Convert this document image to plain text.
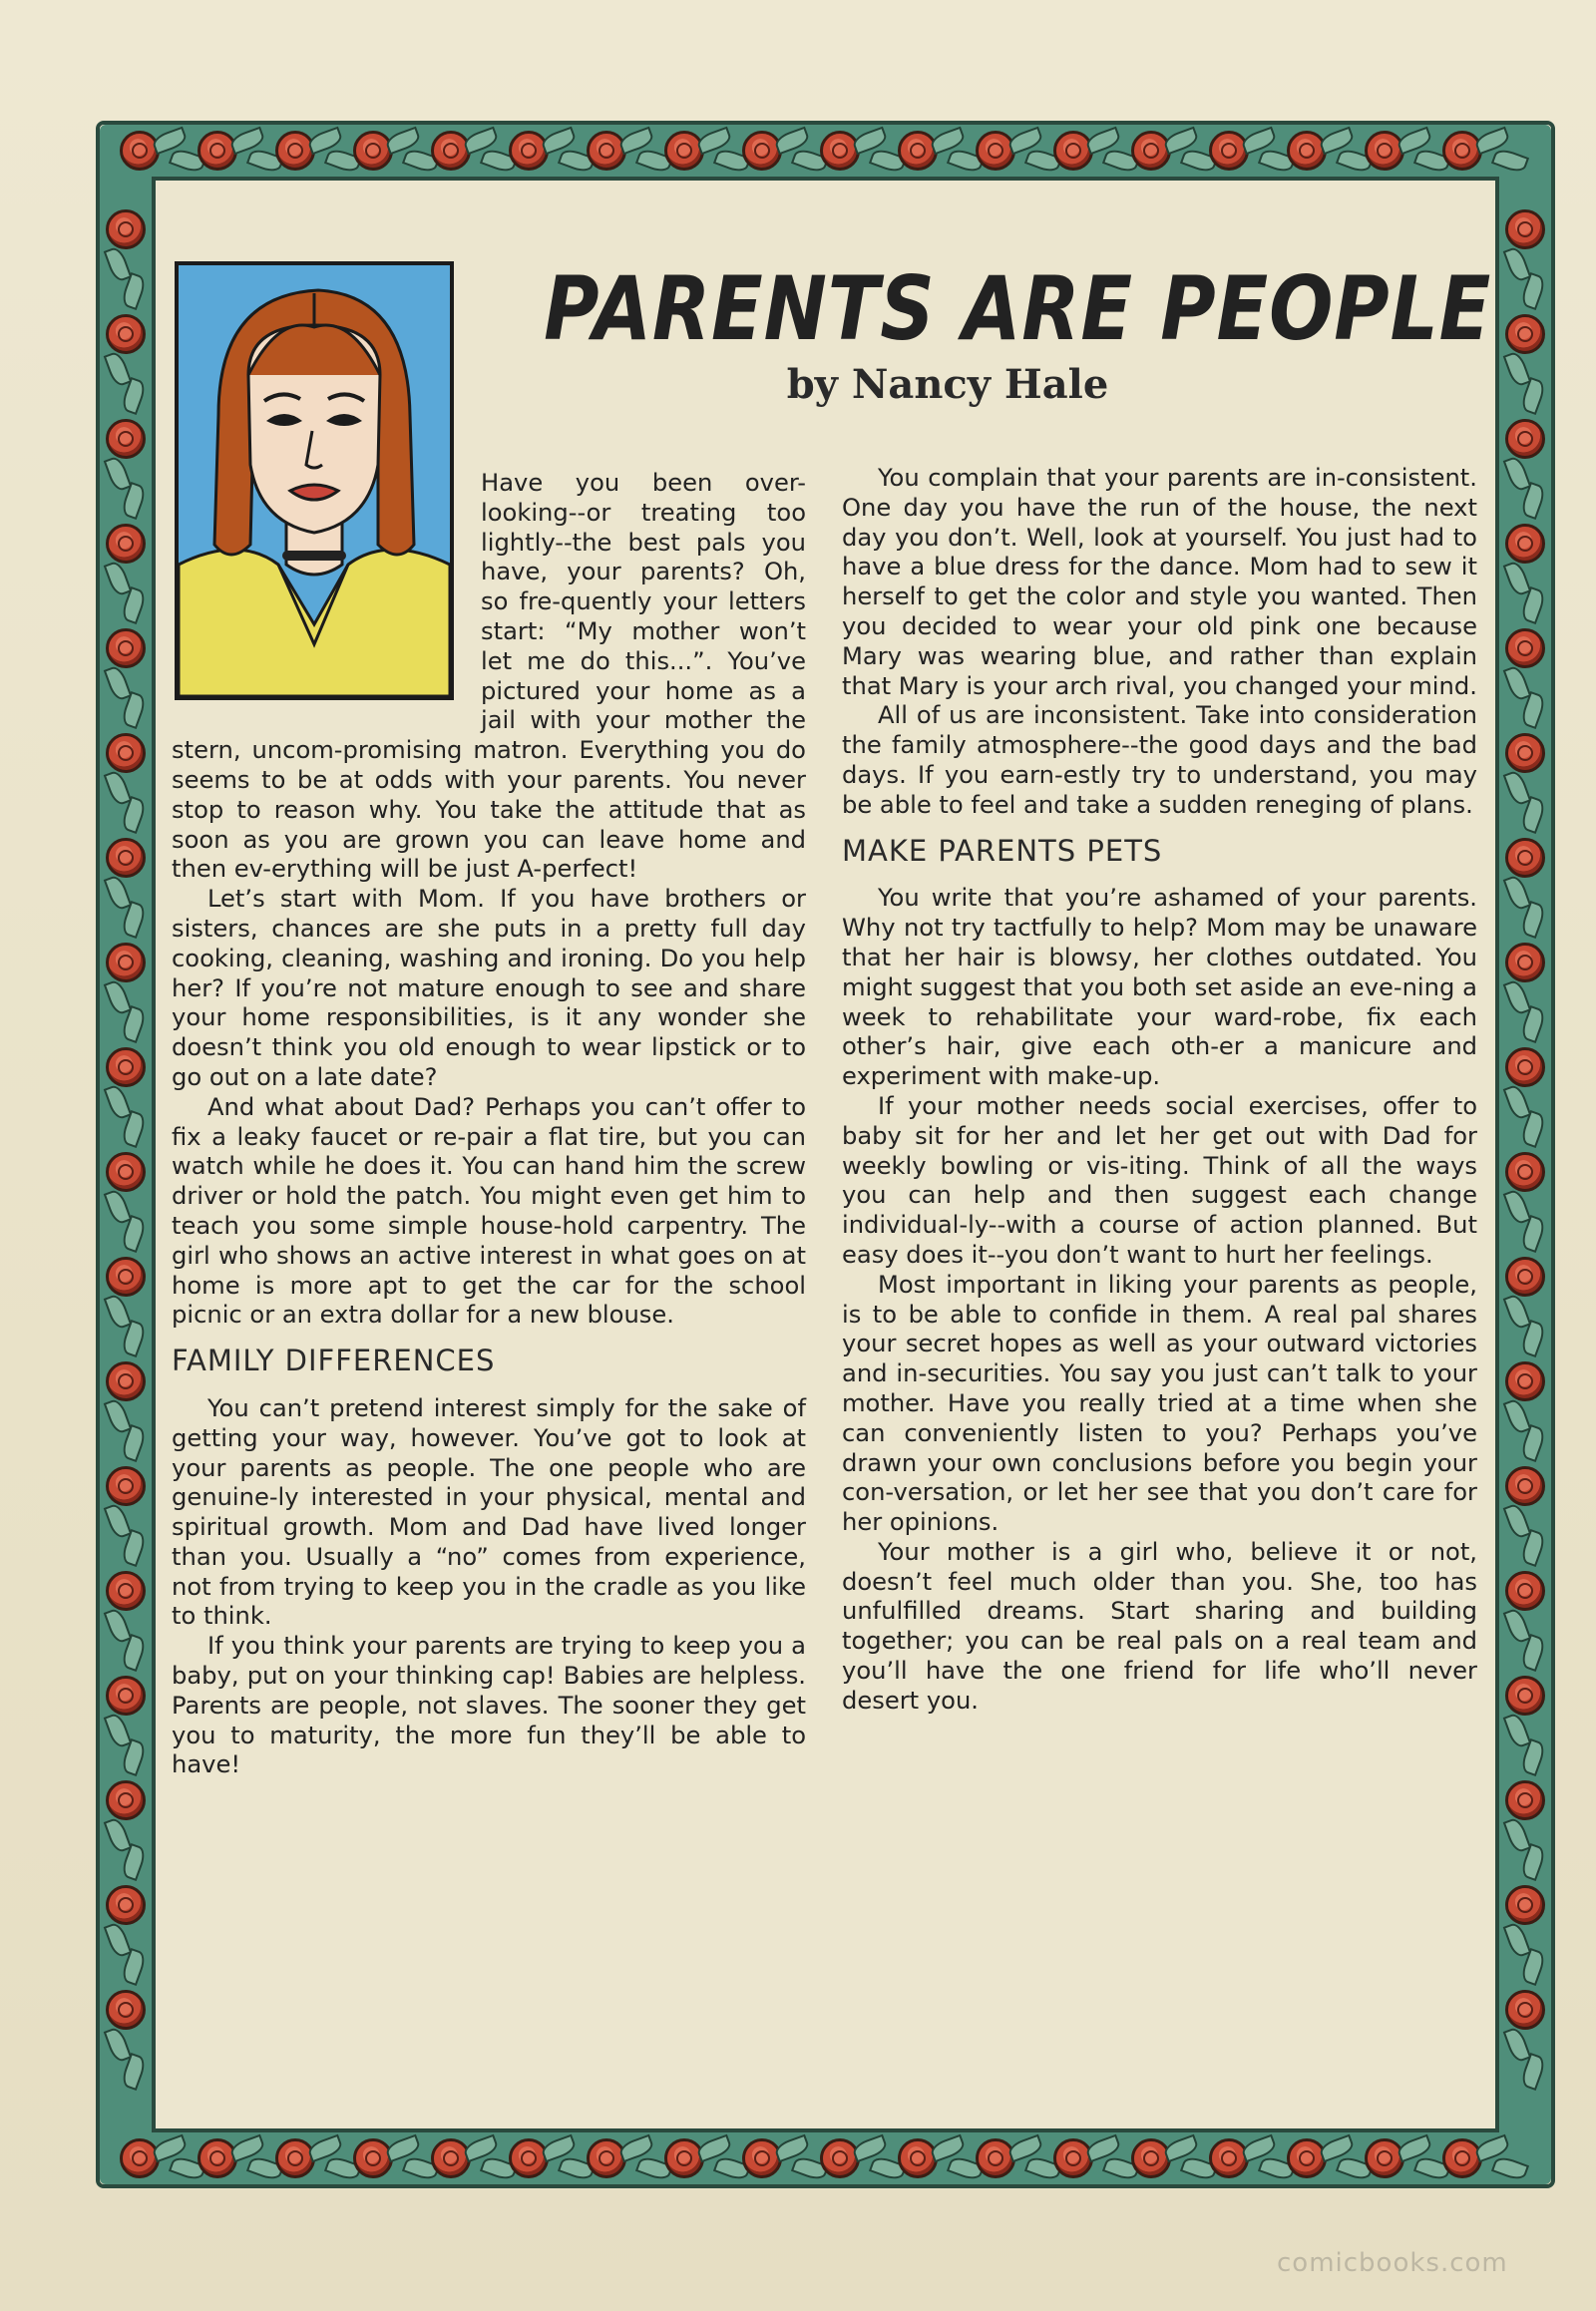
PARENTS ARE PEOPLE
by Nancy Hale

Have you been over-looking--or treating too lightly--the best pals you have, your parents? Oh, so fre-quently your letters start: “My mother won’t let me do this...”. You’ve pictured your home as a jail with your mother the stern, uncom-promising matron. Everything you do seems to be at odds with your parents. You never stop to reason why. You take the attitude that as soon as you are grown you can leave home and then ev-erything will be just A-perfect!

Let’s start with Mom. If you have brothers or sisters, chances are she puts in a pretty full day cooking, cleaning, washing and ironing. Do you help her? If you’re not mature enough to see and share your home responsibilities, is it any wonder she doesn’t think you old enough to wear lipstick or to go out on a late date?

And what about Dad? Perhaps you can’t offer to fix a leaky faucet or re-pair a flat tire, but you can watch while he does it. You can hand him the screw driver or hold the patch. You might even get him to teach you some simple house-hold carpentry. The girl who shows an active interest in what goes on at home is more apt to get the car for the school picnic or an extra dollar for a new blouse.

FAMILY DIFFERENCES

You can’t pretend interest simply for the sake of getting your way, however. You’ve got to look at your parents as people. The one people who are genuine-ly interested in your physical, mental and spiritual growth. Mom and Dad have lived longer than you. Usually a “no” comes from experience, not from trying to keep you in the cradle as you like to think.

If you think your parents are trying to keep you a baby, put on your thinking cap! Babies are helpless. Parents are people, not slaves. The sooner they get you to maturity, the more fun they’ll be able to have!

You complain that your parents are in-consistent. One day you have the run of the house, the next day you don’t. Well, look at yourself. You just had to have a blue dress for the dance. Mom had to sew it herself to get the color and style you wanted. Then you decided to wear your old pink one because Mary was wearing blue, and rather than explain that Mary is your arch rival, you changed your mind.

All of us are inconsistent. Take into consideration the family atmosphere--the good days and the bad days. If you earn-estly try to understand, you may be able to feel and take a sudden reneging of plans.

MAKE PARENTS PETS

You write that you’re ashamed of your parents. Why not try tactfully to help? Mom may be unaware that her hair is blowsy, her clothes outdated. You might suggest that you both set aside an eve-ning a week to rehabilitate your ward-robe, fix each other’s hair, give each oth-er a manicure and experiment with make-up.

If your mother needs social exercises, offer to baby sit for her and let her get out with Dad for weekly bowling or vis-iting. Think of all the ways you can help and then suggest each change individual-ly--with a course of action planned. But easy does it--you don’t want to hurt her feelings.

Most important in liking your parents as people, is to be able to confide in them. A real pal shares your secret hopes as well as your outward victories and in-securities. You say you just can’t talk to your mother. Have you really tried at a time when she can conveniently listen to you? Perhaps you’ve drawn your own conclusions before you begin your con-versation, or let her see that you don’t care for her opinions.

Your mother is a girl who, believe it or not, doesn’t feel much older than you. She, too has unfulfilled dreams. Start sharing and building together; you can be real pals on a real team and you’ll have the one friend for life who’ll never desert you.

comicbooks.com
